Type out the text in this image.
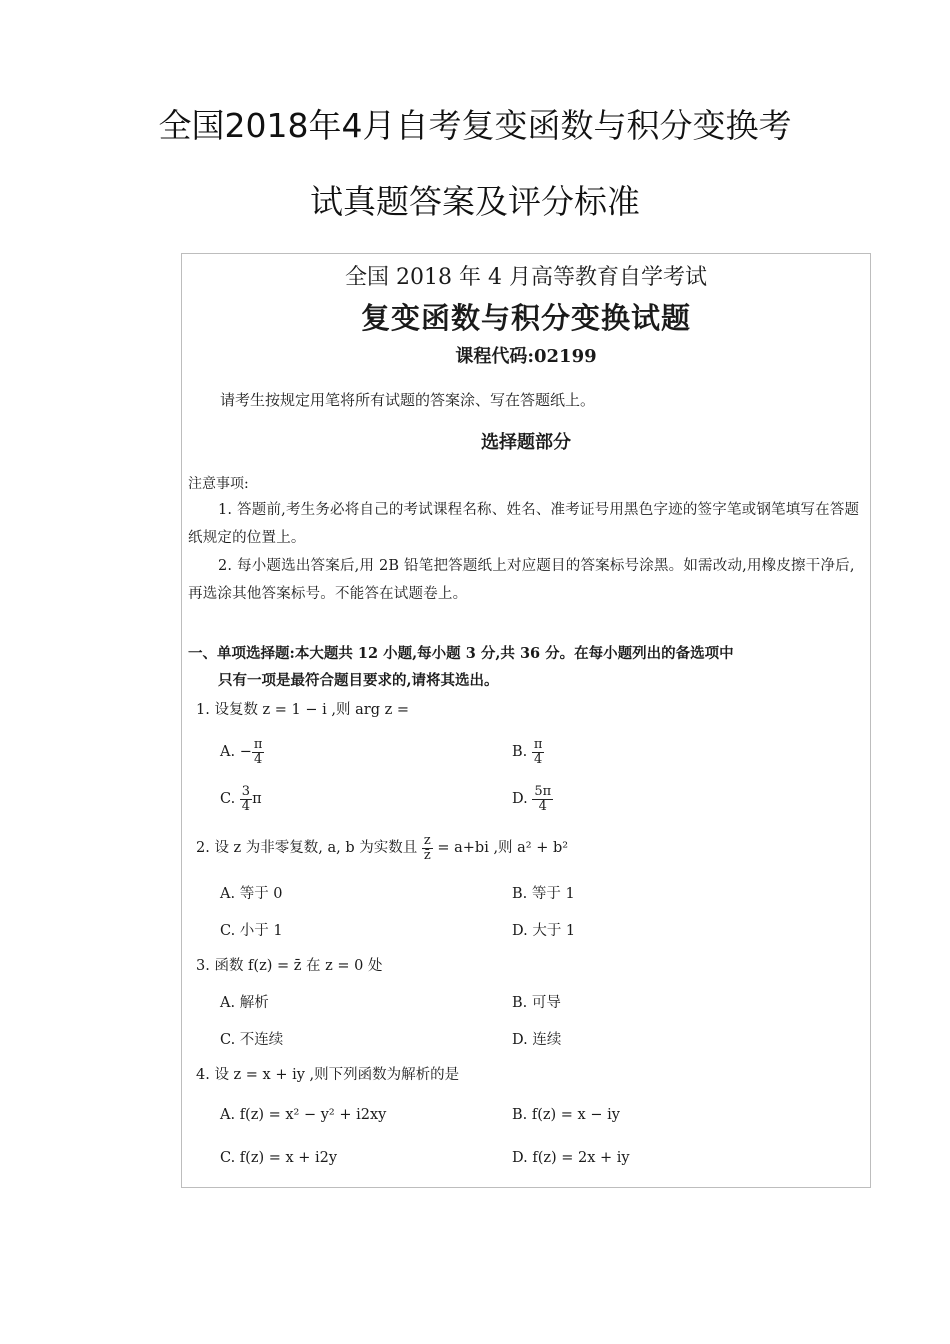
全国2018年4月自考复变函数与积分变换考
试真题答案及评分标准
全国 2018 年 4 月高等教育自学考试
复变函数与积分变换试题
课程代码:02199
请考生按规定用笔将所有试题的答案涂、写在答题纸上。
选择题部分
注意事项:
1. 答题前,考生务必将自己的考试课程名称、姓名、准考证号用黑色字迹的签字笔或钢笔填写在答题纸规定的位置上。
2. 每小题选出答案后,用 2B 铅笔把答题纸上对应题目的答案标号涂黑。如需改动,用橡皮擦干净后,再选涂其他答案标号。不能答在试题卷上。
一、单项选择题:本大题共 12 小题,每小题 3 分,共 36 分。在每小题列出的备选项中
只有一项是最符合题目要求的,请将其选出。
1. 设复数 z = 1 − i ,则 arg z =
A. − $\frac{\pi}{4}$	B. $\frac{\pi}{4}$
C. $\frac{3}{4}$ π	D. $\frac{5\pi}{4}$
2. 设 z 为非零复数, a, b 为实数且 $\frac{z}{z̄} = a+bi$ ,则 a² + b²
A. 等于 0	B. 等于 1
C. 小于 1	D. 大于 1
3. 函数 f(z) = z̄ 在 z = 0 处
A. 解析	B. 可导
C. 不连续	D. 连续
4. 设 z = x + iy ,则下列函数为解析的是
A. f(z) = x² − y² + i2xy	B. f(z) = x − iy
C. f(z) = x + i2y	D. f(z) = 2x + iy
